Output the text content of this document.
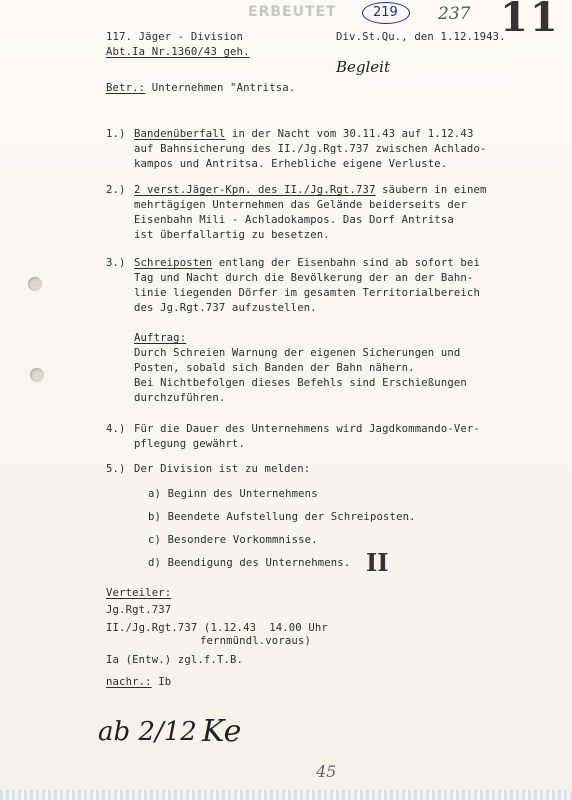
ERBEUTET	219 237 11
117. Jäger - Division	Div.St.Qu., den 1.12.1943.
Abt.Ia Nr.1360/43 geh.
Begleit
Betr.: Unternehmen "Antritsa.
1.) Bandenüberfall in der Nacht vom 30.11.43 auf 1.12.43
auf Bahnsicherung des II./Jg.Rgt.737 zwischen Achlado-
kampos und Antritsa. Erhebliche eigene Verluste.
2.) 2 verst.Jäger-Kpn. des II./Jg.Rgt.737 säubern in einem
mehrtägigen Unternehmen das Gelände beiderseits der
Eisenbahn Mili - Achladokampos. Das Dorf Antritsa
ist überfallartig zu besetzen.
3.) Schreiposten entlang der Eisenbahn sind ab sofort bei
Tag und Nacht durch die Bevölkerung der an der Bahn-
linie liegenden Dörfer im gesamten Territorialbereich
des Jg.Rgt.737 aufzustellen.
Auftrag:
Durch Schreien Warnung der eigenen Sicherungen und
Posten, sobald sich Banden der Bahn nähern.
Bei Nichtbefolgen dieses Befehls sind Erschießungen
durchzuführen.
4.) Für die Dauer des Unternehmens wird Jagdkommando-Ver-
pflegung gewährt.
5.) Der Division ist zu melden:
a) Beginn des Unternehmens
b) Beendete Aufstellung der Schreiposten.
c) Besondere Vorkommnisse.
d) Beendigung des Unternehmens. II
Verteiler:
Jg.Rgt.737
II./Jg.Rgt.737 (1.12.43  14.00 Uhr
fernmündl.voraus)
Ia (Entw.) zgl.f.T.B.
nachr.: Ib
ab 2/12 Ke
45
